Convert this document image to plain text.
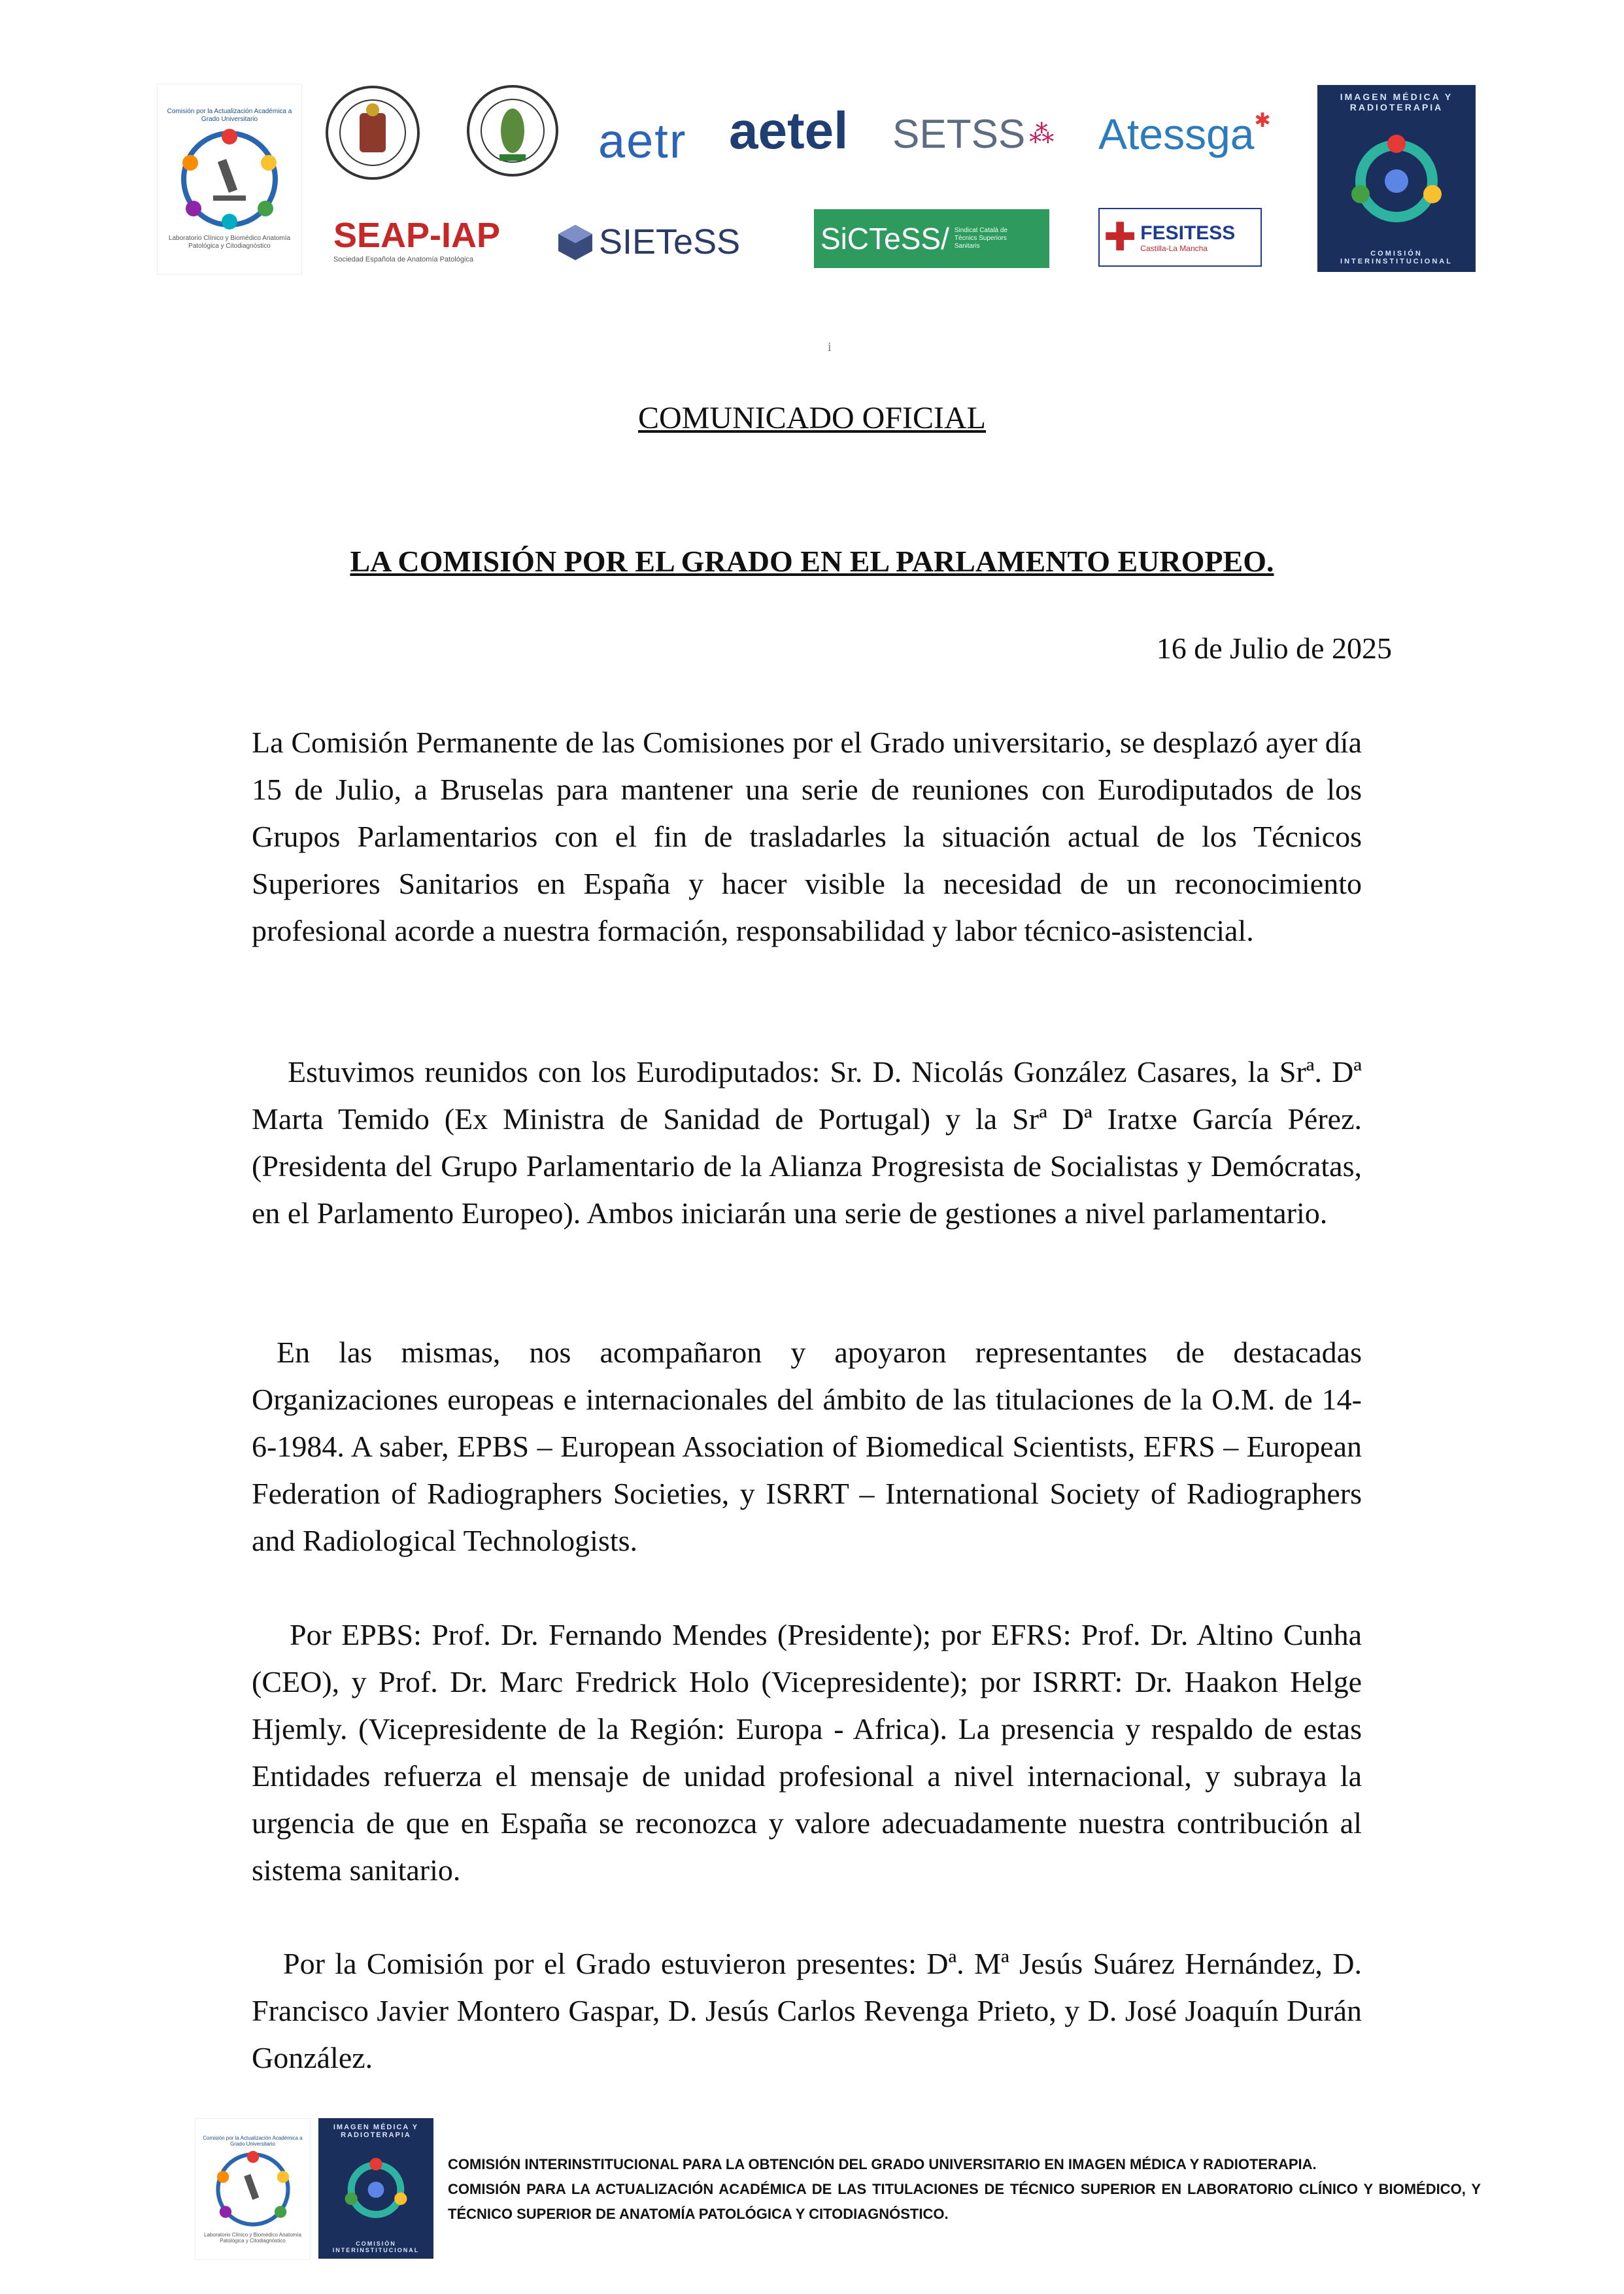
Comisión por la Actualización Académica a Grado Universitario
Laboratorio Clínico y Biomédico Anatomía Patológica y Citodiagnóstico
aetr aetel SETSS ⁂ Atessga ✱
IMAGEN MÉDICA Y RADIOTERAPIA
COMISIÓN INTERINSTITUCIONAL
SEAP-IAP
Sociedad Española de Anatomía Patológica	SIETeSS	SiCTeSS/ Sindicat Català de Tècnics Superiors Sanitaris	✚ FESITESS
Castilla-La Mancha
i
COMUNICADO OFICIAL
LA COMISIÓN POR EL GRADO EN EL PARLAMENTO EUROPEO.
16 de Julio de 2025

La Comisión Permanente de las Comisiones por el Grado universitario, se desplazó ayer día 15 de Julio, a Bruselas para mantener una serie de reuniones con Eurodiputados de los Grupos Parlamentarios con el fin de trasladarles la situación actual de los Técnicos Superiores Sanitarios en España y hacer visible la necesidad de un reconocimiento profesional acorde a nuestra formación, responsabilidad y labor técnico-asistencial.

Estuvimos reunidos con los Eurodiputados: Sr. D. Nicolás González Casares, la Srª. Dª Marta Temido (Ex Ministra de Sanidad de Portugal) y la Srª Dª Iratxe García Pérez. (Presidenta del Grupo Parlamentario de la Alianza Progresista de Socialistas y Demócratas, en el Parlamento Europeo). Ambos iniciarán una serie de gestiones a nivel parlamentario.

En las mismas, nos acompañaron y apoyaron representantes de destacadas Organizaciones europeas e internacionales del ámbito de las titulaciones de la O.M. de 14-6-1984. A saber, EPBS – European Association of Biomedical Scientists, EFRS – European Federation of Radiographers Societies, y ISRRT – International Society of Radiographers and Radiological Technologists.

Por EPBS: Prof. Dr. Fernando Mendes (Presidente); por EFRS: Prof. Dr. Altino Cunha (CEO), y Prof. Dr. Marc Fredrick Holo (Vicepresidente); por ISRRT: Dr. Haakon Helge Hjemly. (Vicepresidente de la Región: Europa - Africa). La presencia y respaldo de estas Entidades refuerza el mensaje de unidad profesional a nivel internacional, y subraya la urgencia de que en España se reconozca y valore adecuadamente nuestra contribución al sistema sanitario.

Por la Comisión por el Grado estuvieron presentes: Dª. Mª Jesús Suárez Hernández, D. Francisco Javier Montero Gaspar, D. Jesús Carlos Revenga Prieto, y D. José Joaquín Durán González.

Comisión por la Actualización Académica a Grado Universitario
Laboratorio Clínico y Biomédico Anatomía Patológica y Citodiagnóstico
IMAGEN MÉDICA Y RADIOTERAPIA
COMISIÓN INTERINSTITUCIONAL
COMISIÓN INTERINSTITUCIONAL PARA LA OBTENCIÓN DEL GRADO UNIVERSITARIO EN IMAGEN MÉDICA Y RADIOTERAPIA.
COMISIÓN PARA LA ACTUALIZACIÓN ACADÉMICA DE LAS TITULACIONES DE TÉCNICO SUPERIOR EN LABORATORIO CLÍNICO Y BIOMÉDICO, Y TÉCNICO SUPERIOR DE ANATOMÍA PATOLÓGICA Y CITODIAGNÓSTICO.
